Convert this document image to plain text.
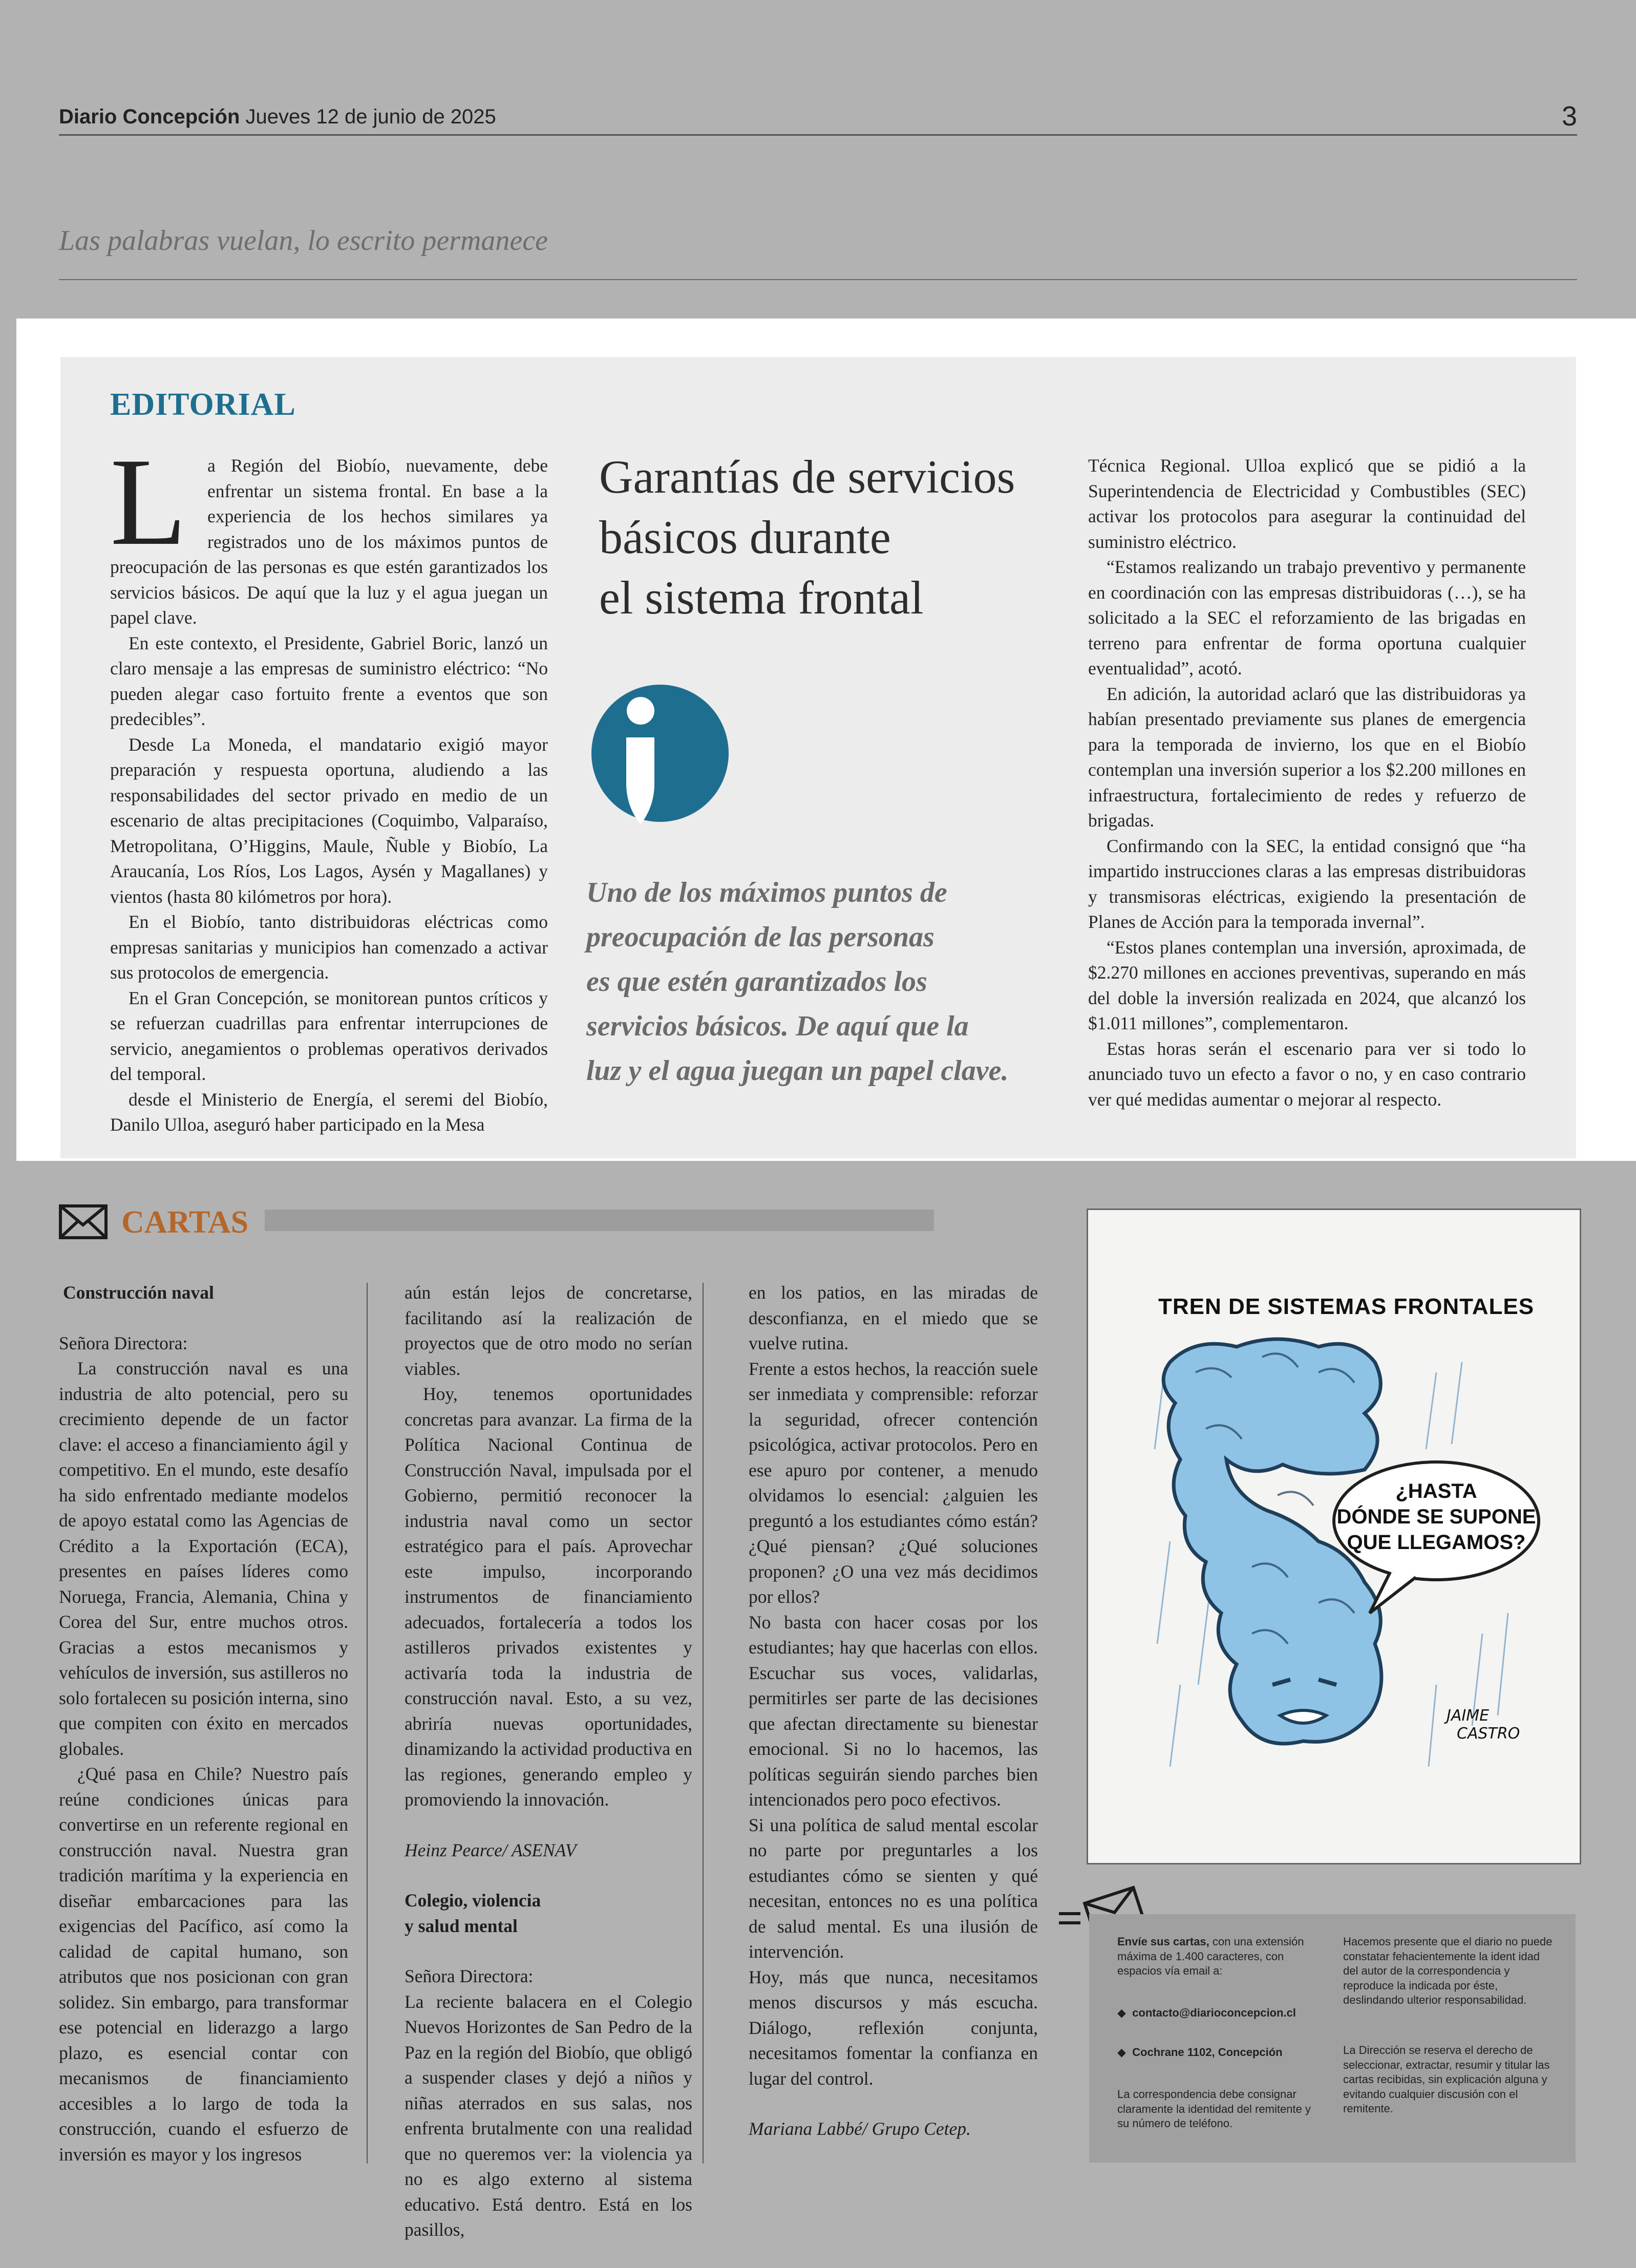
Diario Concepción Jueves 12 de junio de 2025	3
Las palabras vuelan, lo escrito permanece
EDITORIAL
L	a Región del Biobío, nuevamente, debe enfrentar un sistema frontal. En base a la experiencia de los hechos similares ya registrados uno de los máximos puntos de preocupación de las personas es que estén garantizados los servicios básicos. De aquí que la luz y el agua juegan un papel clave.

En este contexto, el Presidente, Gabriel Boric, lanzó un claro mensaje a las empresas de suministro eléctrico: “No pueden alegar caso fortuito frente a eventos que son predecibles”.

Desde La Moneda, el mandatario exigió mayor preparación y respuesta oportuna, aludiendo a las responsabilidades del sector privado en medio de un escenario de altas precipitaciones (Coquimbo, Valparaíso, Metropolitana, O’Higgins, Maule, Ñuble y Biobío, La Araucanía, Los Ríos, Los Lagos, Aysén y Magallanes) y vientos (hasta 80 kilómetros por hora).

En el Biobío, tanto distribuidoras eléctricas como empresas sanitarias y municipios han comenzado a activar sus protocolos de emergencia.

En el Gran Concepción, se monitorean puntos críticos y se refuerzan cuadrillas para enfrentar interrupciones de servicio, anegamientos o problemas operativos derivados del temporal.

desde el Ministerio de Energía, el seremi del Biobío, Danilo Ulloa, aseguró haber participado en la Mesa

Garantías de servicios
básicos durante
el sistema frontal
Uno de los máximos puntos de
preocupación de las personas
es que estén garantizados los
servicios básicos. De aquí que la
luz y el agua juegan un papel clave.

Técnica Regional. Ulloa explicó que se pidió a la Superintendencia de Electricidad y Combustibles (SEC) activar los protocolos para asegurar la continuidad del suministro eléctrico.

“Estamos realizando un trabajo preventivo y permanente en coordinación con las empresas distribuidoras (…), se ha solicitado a la SEC el reforzamiento de las brigadas en terreno para enfrentar de forma oportuna cualquier eventualidad”, acotó.

En adición, la autoridad aclaró que las distribuidoras ya habían presentado previamente sus planes de emergencia para la temporada de invierno, los que en el Biobío contemplan una inversión superior a los $2.200 millones en infraestructura, fortalecimiento de redes y refuerzo de brigadas.

Confirmando con la SEC, la entidad consignó que “ha impartido instrucciones claras a las empresas distribuidoras y transmisoras eléctricas, exigiendo la presentación de Planes de Acción para la temporada invernal”.

“Estos planes contemplan una inversión, aproximada, de $2.270 millones en acciones preventivas, superando en más del doble la inversión realizada en 2024, que alcanzó los $1.011 millones”, complementaron.

Estas horas serán el escenario para ver si todo lo anunciado tuvo un efecto a favor o no, y en caso contrario ver qué medidas aumentar o mejorar al respecto.

CARTAS

Construcción naval

Señora Directora:

La construcción naval es una industria de alto potencial, pero su crecimiento depende de un factor clave: el acceso a financiamiento ágil y competitivo. En el mundo, este desafío ha sido enfrentado mediante modelos de apoyo estatal como las Agencias de Crédito a la Exportación (ECA), presentes en países líderes como Noruega, Francia, Alemania, China y Corea del Sur, entre muchos otros. Gracias a estos mecanismos y vehículos de inversión, sus astilleros no solo fortalecen su posición interna, sino que compiten con éxito en mercados globales.

¿Qué pasa en Chile? Nuestro país reúne condiciones únicas para convertirse en un referente regional en construcción naval. Nuestra gran tradición marítima y la experiencia en diseñar embarcaciones para las exigencias del Pacífico, así como la calidad de capital humano, son atributos que nos posicionan con gran solidez. Sin embargo, para transformar ese potencial en liderazgo a largo plazo, es esencial contar con mecanismos de financiamiento accesibles a lo largo de toda la construcción, cuando el esfuerzo de inversión es mayor y los ingresos

aún están lejos de concretarse, facilitando así la realización de proyectos que de otro modo no serían viables.

Hoy, tenemos oportunidades concretas para avanzar. La firma de la Política Nacional Continua de Construcción Naval, impulsada por el Gobierno, permitió reconocer la industria naval como un sector estratégico para el país. Aprovechar este impulso, incorporando instrumentos de financiamiento adecuados, fortalecería a todos los astilleros privados existentes y activaría toda la industria de construcción naval. Esto, a su vez, abriría nuevas oportunidades, dinamizando la actividad productiva en las regiones, generando empleo y promoviendo la innovación.

Heinz Pearce/ ASENAV

Colegio, violencia
y salud mental

Señora Directora:

La reciente balacera en el Colegio Nuevos Horizontes de San Pedro de la Paz en la región del Biobío, que obligó a suspender clases y dejó a niños y niñas aterrados en sus salas, nos enfrenta brutalmente con una realidad que no queremos ver: la violencia ya no es algo externo al sistema educativo. Está dentro. Está en los pasillos,

en los patios, en las miradas de desconfianza, en el miedo que se vuelve rutina.

Frente a estos hechos, la reacción suele ser inmediata y comprensible: reforzar la seguridad, ofrecer contención psicológica, activar protocolos. Pero en ese apuro por contener, a menudo olvidamos lo esencial: ¿alguien les preguntó a los estudiantes cómo están? ¿Qué piensan? ¿Qué soluciones proponen? ¿O una vez más decidimos por ellos?

No basta con hacer cosas por los estudiantes; hay que hacerlas con ellos. Escuchar sus voces, validarlas, permitirles ser parte de las decisiones que afectan directamente su bienestar emocional. Si no lo hacemos, las políticas seguirán siendo parches bien intencionados pero poco efectivos.

Si una política de salud mental escolar no parte por preguntarles a los estudiantes cómo se sienten y qué necesitan, entonces no es una política de salud mental. Es una ilusión de intervención.

Hoy, más que nunca, necesitamos menos discursos y más escucha. Diálogo, reflexión conjunta, necesitamos fomentar la confianza en lugar del control.

Mariana Labbé/ Grupo Cetep.

TREN DE SISTEMAS FRONTALES
¿HASTA
DÓNDE SE SUPONE
QUE LLEGAMOS?
JAIME
CASTRO
Envíe sus cartas, con una extensión máxima de 1.400 caracteres, con espacios vía email a:
◆  contacto@diarioconcepcion.cl
◆  Cochrane 1102, Concepción
La correspondencia debe consignar claramente la identidad del remitente y su número de teléfono.
Hacemos presente que el diario no puede constatar fehacientemente la ident idad del autor de la correspondencia y reproduce la indicada por éste, deslindando ulterior responsabilidad.
La Dirección se reserva el derecho de seleccionar, extractar, resumir y titular las cartas recibidas, sin explicación alguna y evitando cualquier discusión con el remitente.
